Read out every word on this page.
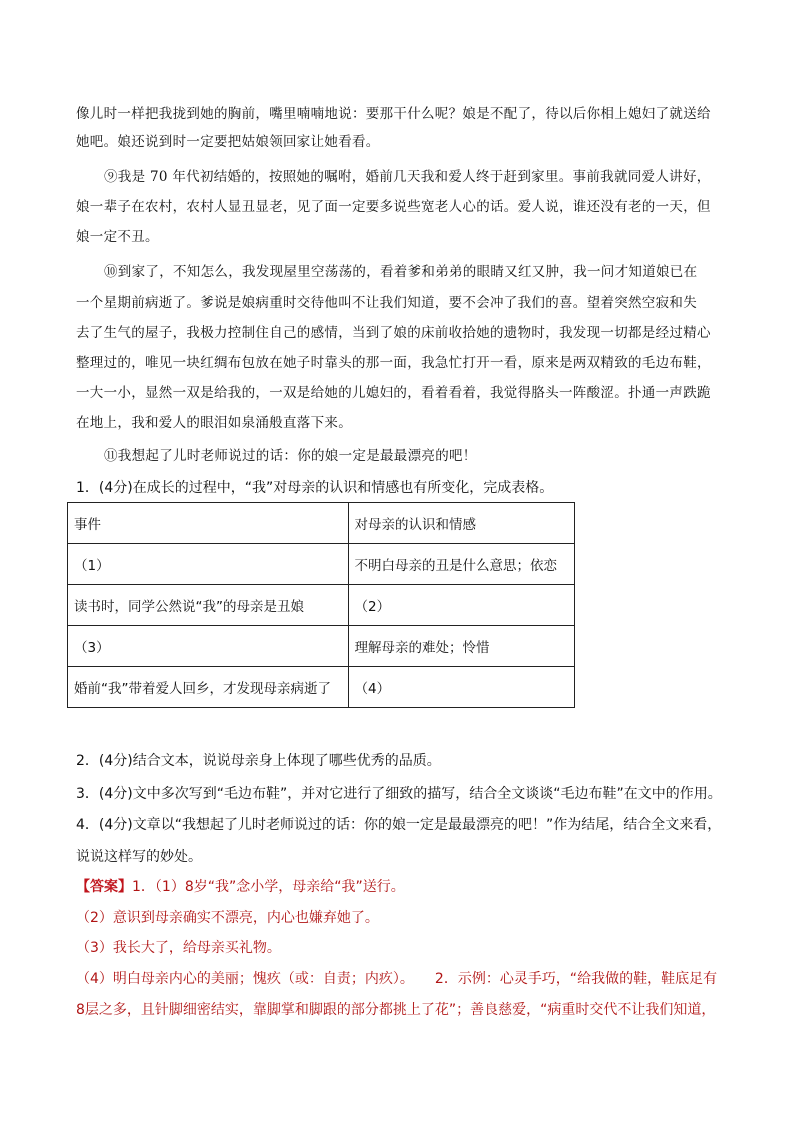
像儿时一样把我拢到她的胸前，嘴里喃喃地说：要那干什么呢？娘是不配了，待以后你相上媳妇了就送给
她吧。娘还说到时一定要把姑娘领回家让她看看。
⑨我是 70 年代初结婚的，按照她的嘱咐，婚前几天我和爱人终于赶到家里。事前我就同爱人讲好，
娘一辈子在农村，农村人显丑显老，见了面一定要多说些宽老人心的话。爱人说，谁还没有老的一天，但
娘一定不丑。
⑩到家了，不知怎么，我发现屋里空荡荡的，看着爹和弟弟的眼睛又红又肿，我一问才知道娘已在
一个星期前病逝了。爹说是娘病重时交待他叫不让我们知道，要不会冲了我们的喜。望着突然空寂和失
去了生气的屋子，我极力控制住自己的感情，当到了娘的床前收拾她的遗物时，我发现一切都是经过精心
整理过的，唯见一块红绸布包放在她子时靠头的那一面，我急忙打开一看，原来是两双精致的毛边布鞋，
一大一小，显然一双是给我的，一双是给她的儿媳妇的，看着看着，我觉得胳头一阵酸涩。扑通一声跌跪
在地上，我和爱人的眼泪如泉涌般直落下来。
⑪我想起了儿时老师说过的话：你的娘一定是最最漂亮的吧！
1．(4分)在成长的过程中，“我”对母亲的认识和情感也有所变化，完成表格。
事件	对母亲的认识和情感
（1）	不明白母亲的丑是什么意思；依恋
读书时，同学公然说“我”的母亲是丑娘	（2）
（3）	理解母亲的难处；怜惜
婚前“我”带着爱人回乡，才发现母亲病逝了	（4）
2．(4分)结合文本，说说母亲身上体现了哪些优秀的品质。
3．(4分)文中多次写到“毛边布鞋”，并对它进行了细致的描写，结合全文谈谈“毛边布鞋”在文中的作用。
4．(4分)文章以“我想起了儿时老师说过的话：你的娘一定是最最漂亮的吧！”作为结尾，结合全文来看，
说说这样写的妙处。
【答案】1．（1）8岁“我”念小学，母亲给“我”送行。
（2）意识到母亲确实不漂亮，内心也嫌弃她了。
（3）我长大了，给母亲买礼物。
（4）明白母亲内心的美丽；愧疚（或：自责；内疚）。　　2．示例：心灵手巧，“给我做的鞋，鞋底足有
8层之多，且针脚细密结实，靠脚掌和脚跟的部分都挑上了花”；善良慈爱，“病重时交代不让我们知道，
